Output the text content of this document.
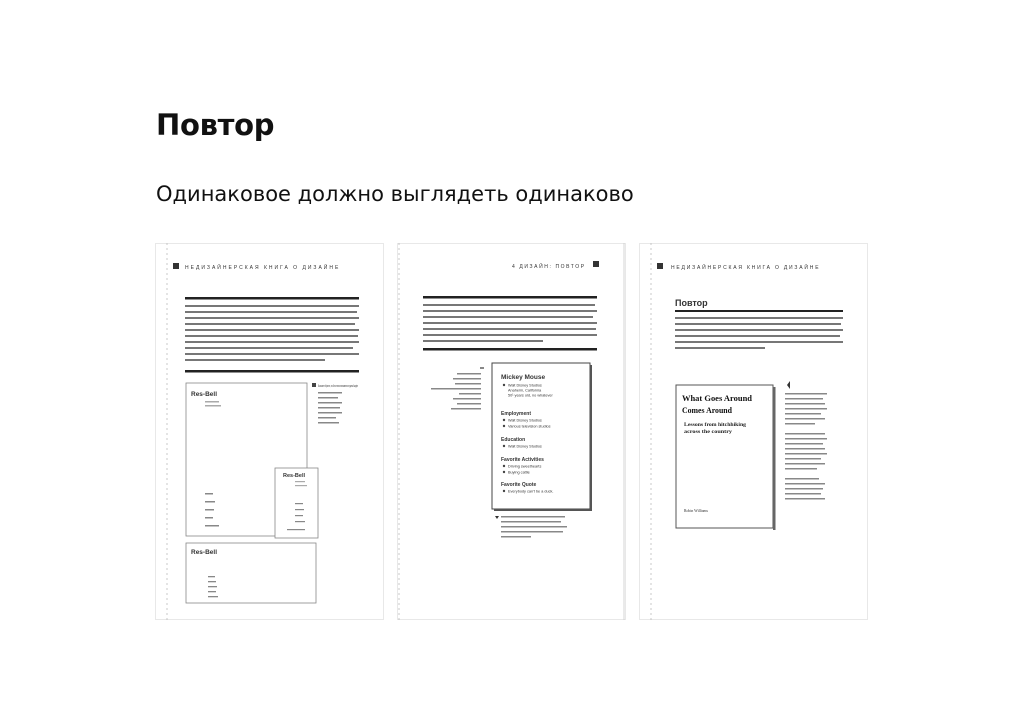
Повтор
Одинаковое должно выглядеть одинаково
НЕДИЗАЙНЕРСКАЯ КНИГА О ДИЗАЙНЕ
Res-Bell
Вы можете обратить, что блок текста вписывается в единый шрифт
Res-Bell
Res-Bell
4 ДИЗАЙН: ПОВТОР
Mickey Mouse
Walt Disney Studios
Anaheim, California
50¹ years old, no whatever
Employment
Walt Disney Studios
Various television studios
Education
Walt Disney Studios
Favorite Activities
Driving sweethearts
Buying cattle
Favorite Quote
Everybody can't be a duck.
НЕДИЗАЙНЕРСКАЯ КНИГА О ДИЗАЙНЕ
Повтор
What Goes Around
Comes Around
Lessons from hitchhiking
across the country
Robin Williams
